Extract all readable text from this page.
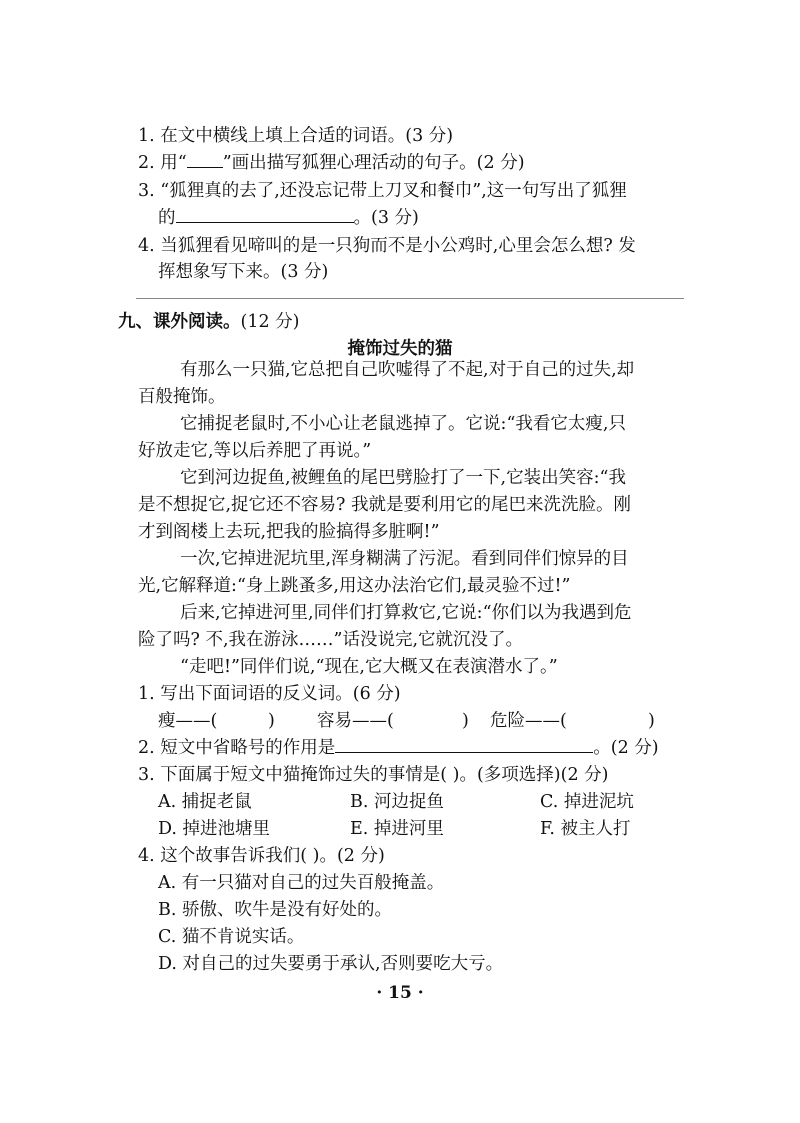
1. 在文中横线上填上合适的词语。(3 分)
2. 用“ ”画出描写狐狸心理活动的句子。(2 分)
3. “狐狸真的去了,还没忘记带上刀叉和餐巾”,这一句写出了狐狸
的	。(3 分)
4. 当狐狸看见啼叫的是一只狗而不是小公鸡时,心里会怎么想? 发
挥想象写下来。(3 分)
九、课外阅读。(12 分)
掩饰过失的猫
有那么一只猫,它总把自己吹嘘得了不起,对于自己的过失,却
百般掩饰。
它捕捉老鼠时,不小心让老鼠逃掉了。它说:“我看它太瘦,只
好放走它,等以后养肥了再说。”
它到河边捉鱼,被鲤鱼的尾巴劈脸打了一下,它装出笑容:“我
是不想捉它,捉它还不容易? 我就是要利用它的尾巴来洗洗脸。刚
才到阁楼上去玩,把我的脸搞得多脏啊!”
一次,它掉进泥坑里,浑身糊满了污泥。看到同伴们惊异的目
光,它解释道:“身上跳蚤多,用这办法治它们,最灵验不过!”
后来,它掉进河里,同伴们打算救它,它说:“你们以为我遇到危
险了吗? 不,我在游泳……”话没说完,它就沉没了。
“走吧!”同伴们说,“现在,它大概又在表演潜水了。”
1. 写出下面词语的反义词。(6 分)
瘦——(	) 容易——(	) 危险——(	)
2. 短文中省略号的作用是	。(2 分)
3. 下面属于短文中猫掩饰过失的事情是( )。(多项选择)(2 分)
A. 捕捉老鼠	B. 河边捉鱼	C. 掉进泥坑
D. 掉进池塘里	E. 掉进河里	F. 被主人打
4. 这个故事告诉我们( )。(2 分)
A. 有一只猫对自己的过失百般掩盖。
B. 骄傲、吹牛是没有好处的。
C. 猫不肯说实话。
D. 对自己的过失要勇于承认,否则要吃大亏。
· 15 ·
